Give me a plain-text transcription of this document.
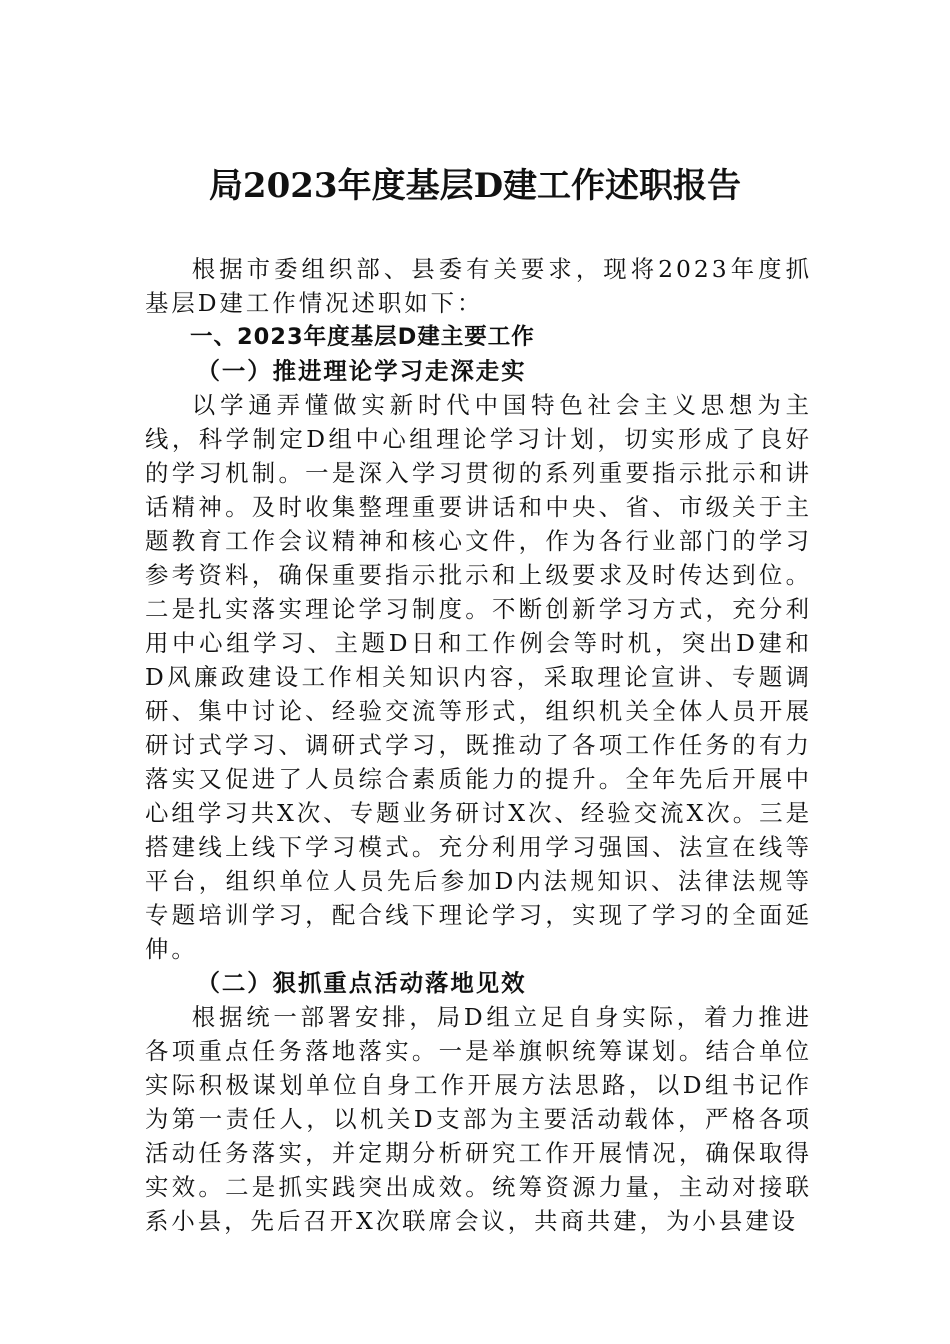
局2023年度基层D建工作述职报告

根据市委组织部、县委有关要求，现将2023年度抓基层D建工作情况述职如下：

一、2023年度基层D建主要工作

（一）推进理论学习走深走实

以学通弄懂做实新时代中国特色社会主义思想为主线，科学制定D组中心组理论学习计划，切实形成了良好的学习机制。一是深入学习贯彻的系列重要指示批示和讲话精神。及时收集整理重要讲话和中央、省、市级关于主题教育工作会议精神和核心文件，作为各行业部门的学习参考资料，确保重要指示批示和上级要求及时传达到位。二是扎实落实理论学习制度。不断创新学习方式，充分利用中心组学习、主题D日和工作例会等时机，突出D建和D风廉政建设工作相关知识内容，采取理论宣讲、专题调研、集中讨论、经验交流等形式，组织机关全体人员开展研讨式学习、调研式学习，既推动了各项工作任务的有力落实又促进了人员综合素质能力的提升。全年先后开展中心组学习共X次、专题业务研讨X次、经验交流X次。三是搭建线上线下学习模式。充分利用学习强国、法宣在线等平台，组织单位人员先后参加D内法规知识、法律法规等专题培训学习，配合线下理论学习，实现了学习的全面延伸。

（二）狠抓重点活动落地见效

根据统一部署安排，局D组立足自身实际，着力推进各项重点任务落地落实。一是举旗帜统筹谋划。结合单位实际积极谋划单位自身工作开展方法思路，以D组书记作为第一责任人，以机关D支部为主要活动载体，严格各项活动任务落实，并定期分析研究工作开展情况，确保取得实效。二是抓实践突出成效。统筹资源力量，主动对接联系小县，先后召开X次联席会议，共商共建，为小县建设
